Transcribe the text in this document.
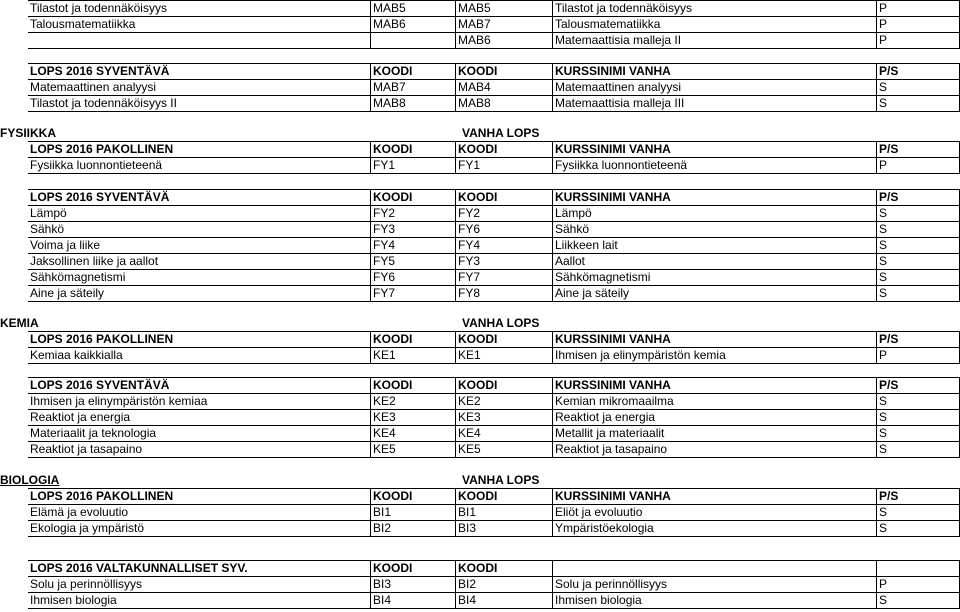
Tilastot ja todennäköisyys	MAB5	MAB5	Tilastot ja todennäköisyys	P
Talousmatematiikka	MAB6	MAB7	Talousmatematiikka	P
		MAB6	Matemaattisia malleja II	P
LOPS 2016 SYVENTÄVÄ	KOODI	KOODI	KURSSINIMI VANHA	P/S
Matemaattinen analyysi	MAB7	MAB4	Matemaattinen analyysi	S
Tilastot ja todennäköisyys II	MAB8	MAB8	Matemaattisia malleja III	S
FYSIIKKA	VANHA LOPS
LOPS 2016 PAKOLLINEN	KOODI	KOODI	KURSSINIMI VANHA	P/S
Fysiikka luonnontieteenä	FY1	FY1	Fysiikka luonnontieteenä	P
LOPS 2016 SYVENTÄVÄ	KOODI	KOODI	KURSSINIMI VANHA	P/S
Lämpö	FY2	FY2	Lämpö	S
Sähkö	FY3	FY6	Sähkö	S
Voima ja liike	FY4	FY4	Liikkeen lait	S
Jaksollinen liike ja aallot	FY5	FY3	Aallot	S
Sähkömagnetismi	FY6	FY7	Sähkömagnetismi	S
Aine ja säteily	FY7	FY8	Aine ja säteily	S
KEMIA	VANHA LOPS
LOPS 2016 PAKOLLINEN	KOODI	KOODI	KURSSINIMI VANHA	P/S
Kemiaa kaikkialla	KE1	KE1	Ihmisen ja elinympäristön kemia	P
LOPS 2016 SYVENTÄVÄ	KOODI	KOODI	KURSSINIMI VANHA	P/S
Ihmisen ja elinympäristön kemiaa	KE2	KE2	Kemian mikromaailma	S
Reaktiot ja energia	KE3	KE3	Reaktiot ja energia	S
Materiaalit ja teknologia	KE4	KE4	Metallit ja materiaalit	S
Reaktiot ja tasapaino	KE5	KE5	Reaktiot ja tasapaino	S
BIOLOGIA	VANHA LOPS
LOPS 2016 PAKOLLINEN	KOODI	KOODI	KURSSINIMI VANHA	P/S
Elämä ja evoluutio	BI1	BI1	Eliöt ja evoluutio	S
Ekologia ja ympäristö	BI2	BI3	Ympäristöekologia	S
LOPS 2016 VALTAKUNNALLISET SYV.	KOODI	KOODI		
Solu ja perinnöllisyys	BI3	BI2	Solu ja perinnöllisyys	P
Ihmisen biologia	BI4	BI4	Ihmisen biologia	S
